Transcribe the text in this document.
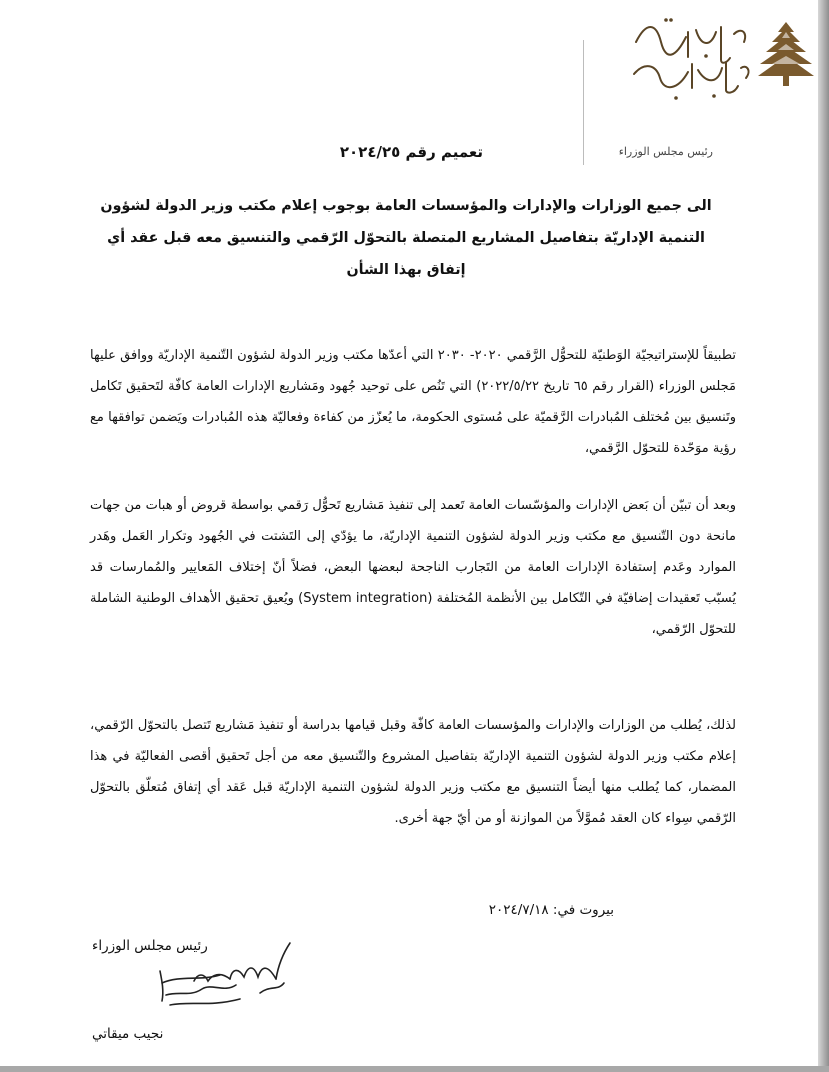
رئيس مجلس الوزراء
تعميم رقم ٢٠٢٤/٢٥
الى جميع الوزارات والإدارات والمؤسسات العامة بوجوب إعلام مكتب وزير الدولة لشؤون التنمية الإداريّة بتفاصيل المشاريع المتصلة بالتحوّل الرّقمي والتنسيق معه قبل عقد أي إتفاق بهذا الشأن
تطبيقاً للإستراتيجيّة الوَطنيّة للتحوُّل الرَّقمي ٢٠٢٠- ٢٠٣٠ التي أعدّها مكتب وزير الدولة لشؤون التّنمية الإداريّة ووافق عليها مَجلس الوزراء (القرار رقم ٦٥ تاريخ ٢٠٢٢/٥/٢٢) التي تَنُص على توحيد جُهود ومَشاريع الإدارات العامة كافّة لتَحقيق تَكامل وتَنسيق بين مُختلف المُبادرات الرَّقميّة على مُستوى الحكومة، ما يُعزّز من كفاءة وفعاليّة هذه المُبادرات ويَضمن توافقها مع رؤية موَحّدة للتحوّل الرَّقمي،
وبعد أن تبيّن أن بَعض الإدارات والمؤسّسات العامة تَعمد إلى تنفيذ مَشاريع تَحوُّل رَقمي بواسطة قروض أو هبات من جهات مانحة دون التّنسيق مع مكتب وزير الدولة لشؤون التنمية الإداريّة، ما يؤدّي إلى التَشتت في الجُهود وتكرار العَمل وهَدر الموارد وعَدم إستفادة الإدارات العامة من التَجارب الناجحة لبعضها البعض، فضلاً أنّ إختلاف المَعايير والمُمارسات قد يُسبّب تَعقيدات إضافيّة في التّكامل بين الأنظمة المُختلفة (System integration) ويُعيق تحقيق الأهداف الوطنية الشاملة للتحوّل الرّقمي،
لذلك، يُطلب من الوزارات والإدارات والمؤسسات العامة كافّة وقبل قيامها بدراسة أو تنفيذ مَشاريع تَتصل بالتحوّل الرّقمي، إعلام مكتب وزير الدولة لشؤون التنمية الإداريّة بتفاصيل المشروع والتّنسيق معه من أجل تَحقيق أقصى الفعاليّة في هذا المضمار، كما يُطلب منها أيضاً التنسيق مع مكتب وزير الدولة لشؤون التنمية الإداريّة قبل عَقد أي إتفاق مُتعلّق بالتحوّل الرّقمي سِواء كان العقد مُموَّلاً من الموازنة أو من أيّ جهة أخرى.
بيروت في: ٢٠٢٤/٧/١٨
رئيس مجلس الوزراء
نجيب ميقاتي
